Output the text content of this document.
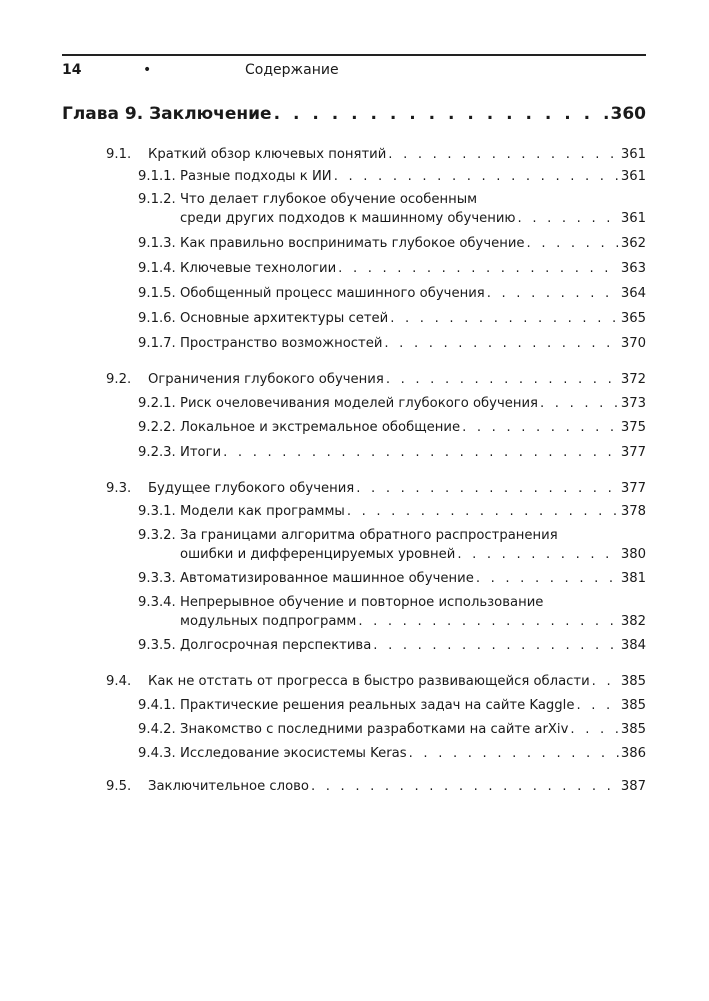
14	•	Содержание
Глава 9. Заключение . . .	360
9.1. Краткий обзор ключевых понятий . . .	361
9.1.1. Разные подходы к ИИ . . .	361
9.1.2. Что делает глубокое обучение особенным
среди других подходов к машинному обучению . . .	361
9.1.3. Как правильно воспринимать глубокое обучение . . .	362
9.1.4. Ключевые технологии . . .	363
9.1.5. Обобщенный процесс машинного обучения . . .	364
9.1.6. Основные архитектуры сетей . . .	365
9.1.7. Пространство возможностей . . .	370
9.2. Ограничения глубокого обучения . . .	372
9.2.1. Риск очеловечивания моделей глубокого обучения . . .	373
9.2.2. Локальное и экстремальное обобщение . . .	375
9.2.3. Итоги . . .	377
9.3. Будущее глубокого обучения . . .	377
9.3.1. Модели как программы . . .	378
9.3.2. За границами алгоритма обратного распространения
ошибки и дифференцируемых уровней . . .	380
9.3.3. Автоматизированное машинное обучение . . .	381
9.3.4. Непрерывное обучение и повторное использование
модульных подпрограмм . . .	382
9.3.5. Долгосрочная перспектива . . .	384
9.4. Как не отстать от прогресса в быстро развивающейся области . . . 385
9.4.1. Практические решения реальных задач на сайте Kaggle . . .	385
9.4.2. Знакомство с последними разработками на сайте arXiv . . .	385
9.4.3. Исследование экосистемы Keras . . .	386
9.5. Заключительное слово . . .	387
